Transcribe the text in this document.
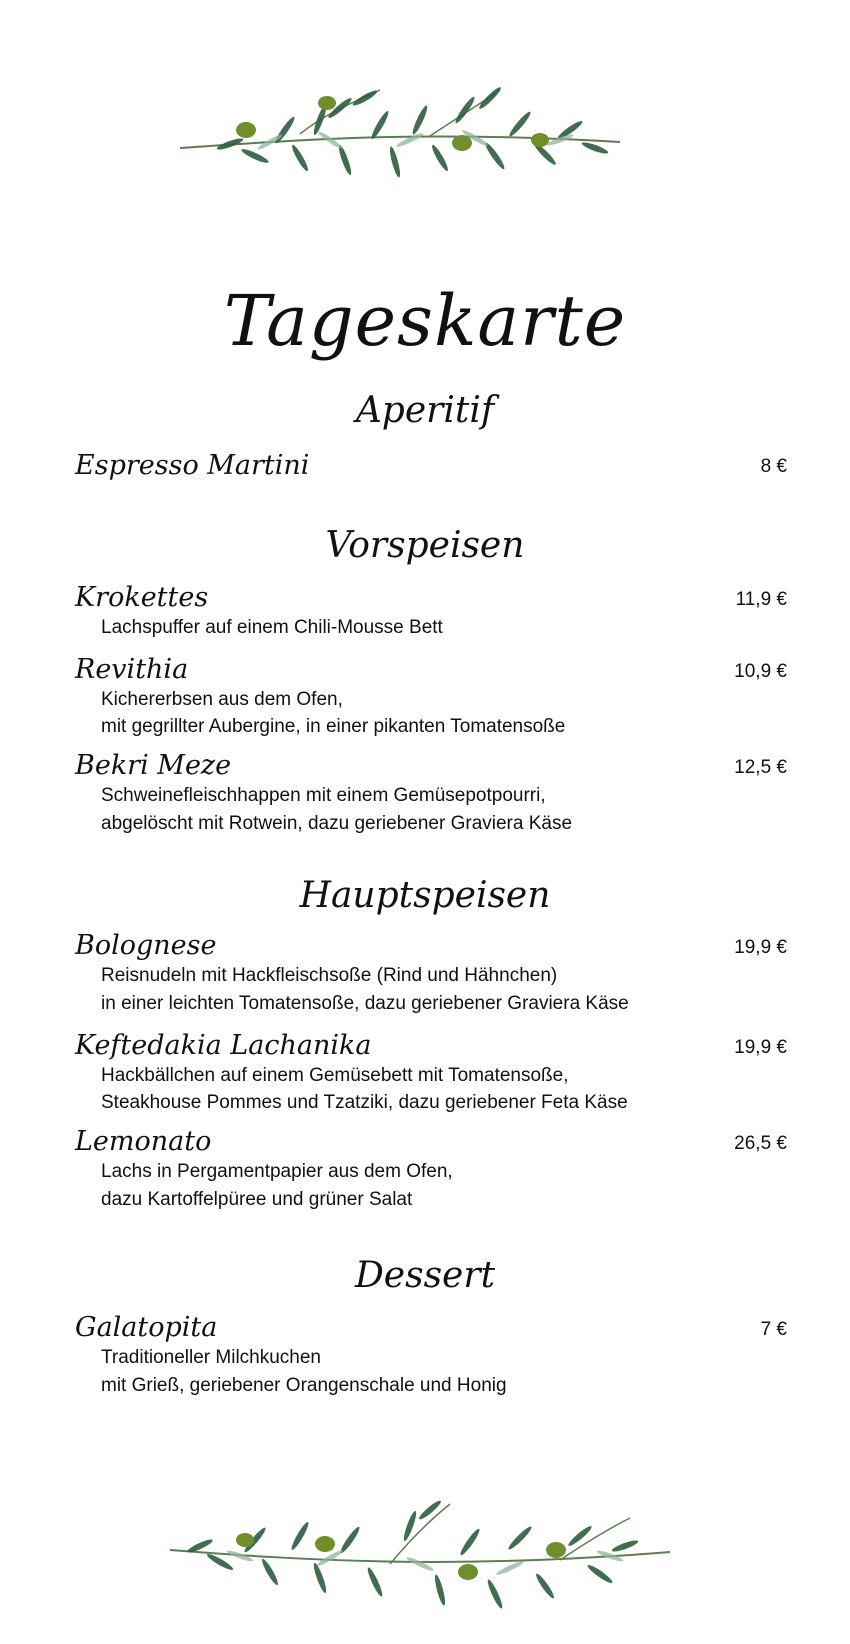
Tageskarte
Aperitif
Espresso Martini	8 €
Vorspeisen
Krokettes	11,9 €
Lachspuffer auf einem Chili-Mousse Bett
Revithia	10,9 €
Kichererbsen aus dem Ofen,
mit gegrillter Aubergine, in einer pikanten Tomatensoße
Bekri Meze	12,5 €
Schweinefleischhappen mit einem Gemüsepotpourri,
abgelöscht mit Rotwein, dazu geriebener Graviera Käse
Hauptspeisen
Bolognese	19,9 €
Reisnudeln mit Hackfleischsoße (Rind und Hähnchen)
in einer leichten Tomatensoße, dazu geriebener Graviera Käse
Keftedakia Lachanika	19,9 €
Hackbällchen auf einem Gemüsebett mit Tomatensoße,
Steakhouse Pommes und Tzatziki, dazu geriebener Feta Käse
Lemonato	26,5 €
Lachs in Pergamentpapier aus dem Ofen,
dazu Kartoffelpüree und grüner Salat
Dessert
Galatopita	7 €
Traditioneller Milchkuchen
mit Grieß, geriebener Orangenschale und Honig
